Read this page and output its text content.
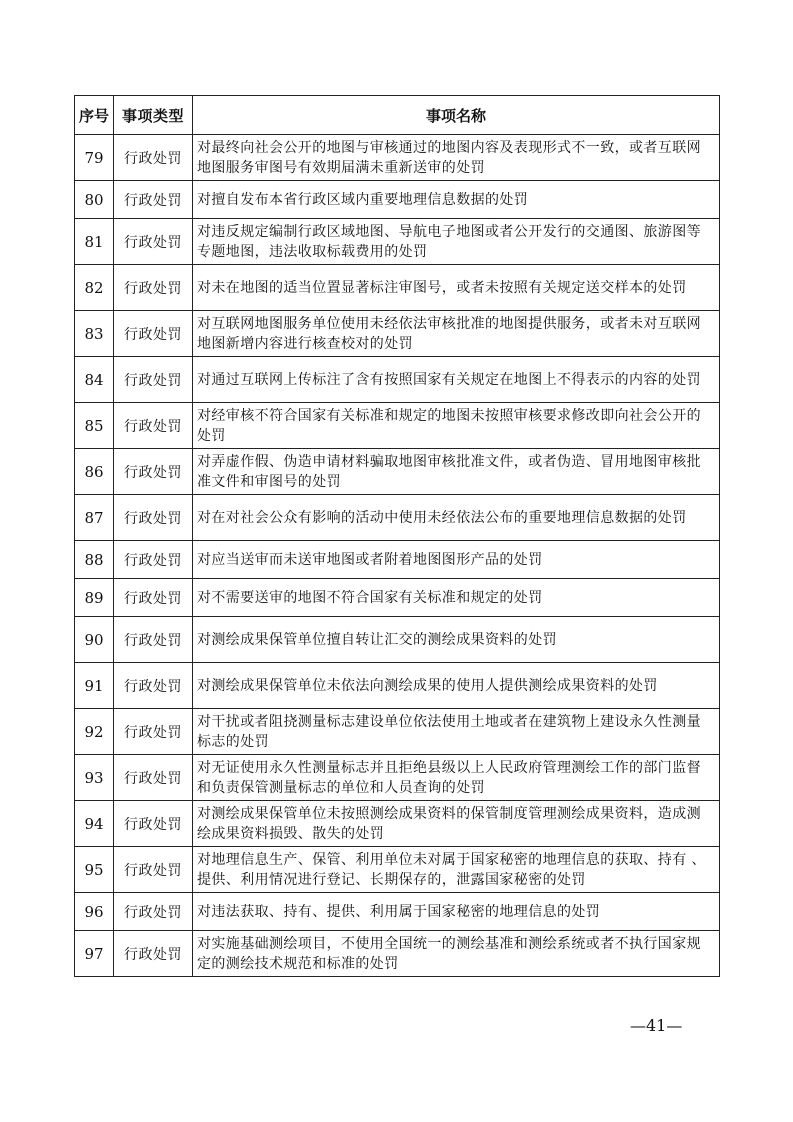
序号	事项类型	事项名称
79	行政处罚	对最终向社会公开的地图与审核通过的地图内容及表现形式不一致，或者互联网地图服务审图号有效期届满未重新送审的处罚
80	行政处罚	对擅自发布本省行政区域内重要地理信息数据的处罚
81	行政处罚	对违反规定编制行政区域地图、导航电子地图或者公开发行的交通图、旅游图等专题地图，违法收取标载费用的处罚
82	行政处罚	对未在地图的适当位置显著标注审图号，或者未按照有关规定送交样本的处罚
83	行政处罚	对互联网地图服务单位使用未经依法审核批准的地图提供服务，或者未对互联网地图新增内容进行核查校对的处罚
84	行政处罚	对通过互联网上传标注了含有按照国家有关规定在地图上不得表示的内容的处罚
85	行政处罚	对经审核不符合国家有关标准和规定的地图未按照审核要求修改即向社会公开的处罚
86	行政处罚	对弄虚作假、伪造申请材料骗取地图审核批准文件，或者伪造、冒用地图审核批准文件和审图号的处罚
87	行政处罚	对在对社会公众有影响的活动中使用未经依法公布的重要地理信息数据的处罚
88	行政处罚	对应当送审而未送审地图或者附着地图图形产品的处罚
89	行政处罚	对不需要送审的地图不符合国家有关标准和规定的处罚
90	行政处罚	对测绘成果保管单位擅自转让汇交的测绘成果资料的处罚
91	行政处罚	对测绘成果保管单位未依法向测绘成果的使用人提供测绘成果资料的处罚
92	行政处罚	对干扰或者阻挠测量标志建设单位依法使用土地或者在建筑物上建设永久性测量标志的处罚
93	行政处罚	对无证使用永久性测量标志并且拒绝县级以上人民政府管理测绘工作的部门监督和负责保管测量标志的单位和人员查询的处罚
94	行政处罚	对测绘成果保管单位未按照测绘成果资料的保管制度管理测绘成果资料，造成测绘成果资料损毁、散失的处罚
95	行政处罚	对地理信息生产、保管、利用单位未对属于国家秘密的地理信息的获取、持有 、提供、利用情况进行登记、长期保存的，泄露国家秘密的处罚
96	行政处罚	对违法获取、持有、提供、利用属于国家秘密的地理信息的处罚
97	行政处罚	对实施基础测绘项目，不使用全国统一的测绘基准和测绘系统或者不执行国家规定的测绘技术规范和标准的处罚
—41—
